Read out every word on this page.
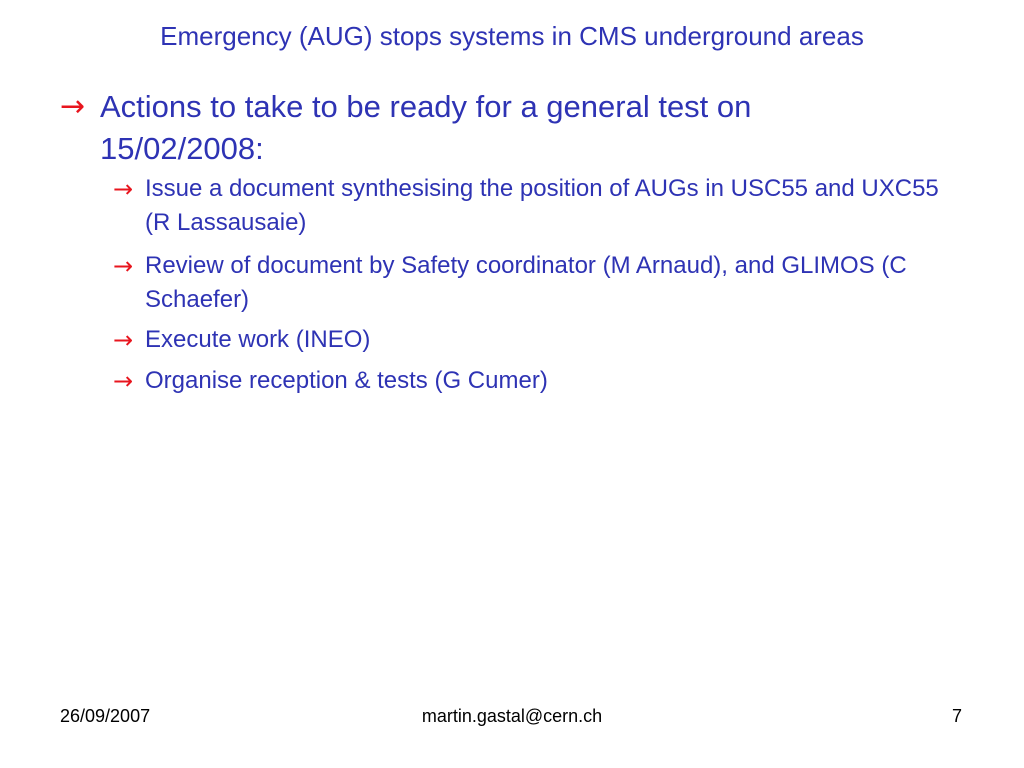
Emergency (AUG) stops systems in CMS underground areas
→ Actions to take to be ready for a general test on 15/02/2008:
→ Issue a document synthesising the position of AUGs in USC55 and UXC55 (R Lassausaie)
→ Review of document by Safety coordinator (M Arnaud), and GLIMOS (C Schaefer)
→ Execute work (INEO)
→ Organise reception & tests (G Cumer)
26/09/2007	martin.gastal@cern.ch	7
